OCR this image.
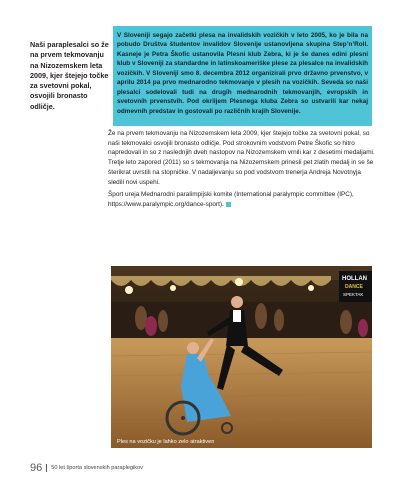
Naši paraplesalci so že na prvem tekmovanju na Nizozemskem leta 2009, kjer štejejo točke za svetovni pokal, osvojili bronasto odličje.
V Sloveniji segajo začetki plesa na invalidskih vozičkih v leto 2005, ko je bila na pobudo Društva študentov invalidov Slovenije ustanovljena skupina Step’n’Roll. Kasneje je Petra Škofic ustanovila Plesni klub Zebra, ki je še danes edini plesni klub v Sloveniji za standardne in latinskoameriške plese za plesalce na invalidskih vozičkih. V Sloveniji smo 8. decembra 2012 organizirali prvo državno prvenstvo, v aprilu 2014 pa prvo mednarodno tekmovanje v plesih na vozičkih. Seveda so naši plesalci sodelovali tudi na drugih mednarodnih tekmovanjih, evropskih in svetovnih prvenstvih. Pod okriljem Plesnega kluba Zebra so ustvarili kar nekaj odmevnih predstav in gostovali po različnih krajih Slovenije.

Že na prvem tekmovanju na Nizozemskem leta 2009, kjer štejejo točke za svetovni pokal, so naši tekmovalci osvojili bronasto odličje. Pod strokovnim vodstvom Petre Škofic so hitro napredovali in so z naslednjih dveh nastopov na Nizozemskem vrnili kar z desetimi medaljami. Tretje leto zapored (2011) so s tekmovanja na Nizozemskem prinesli pet zlatih medalj in se še šterikrat uvrstili na stopničke. V nadaljevanju so pod vodstvom trenerja Andreja Novotnyja sledili novi uspehi.

Šport ureja Mednarodni paralimpijski komite (International paralympic committee (IPC), https://www.paralympic.org/dance-sport).

HOLLAN
DANCE
SPEKTAK
Ples na vozičku je lahko zelo atraktiven
96 50 let športa slovenskih paraplegikov
